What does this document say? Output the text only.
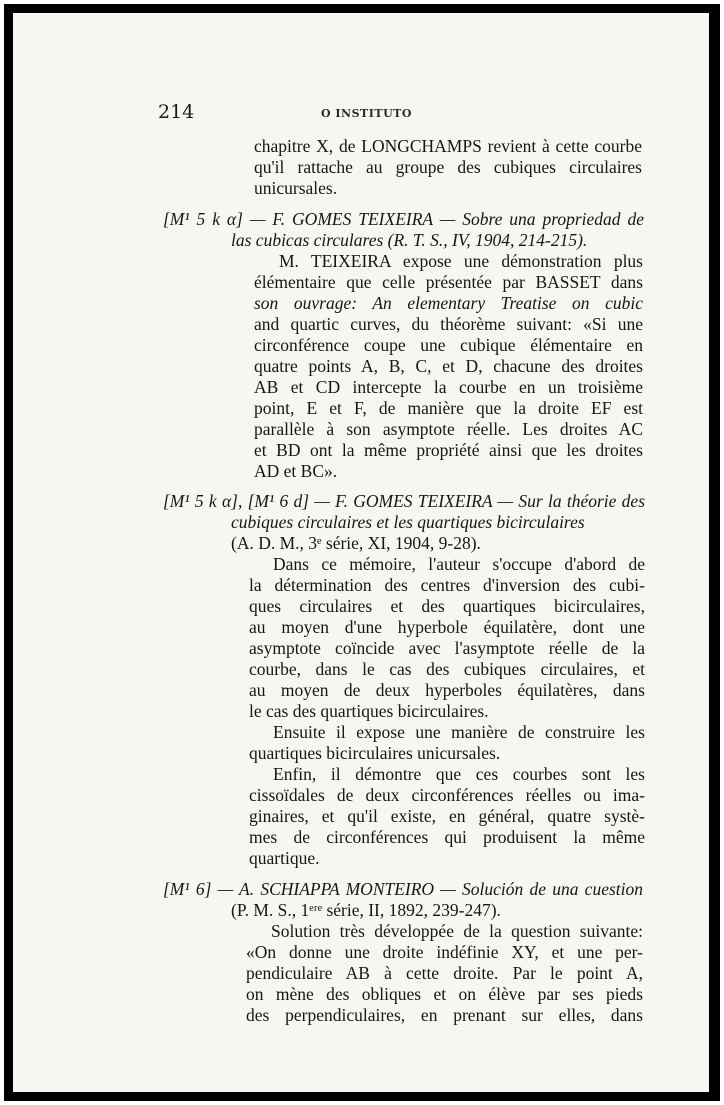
214	O INSTITUTO
chapitre X, de LONGCHAMPS revient à cette courbe
qu'il rattache au groupe des cubiques circulaires
unicursales.
[M¹ 5 k α] — F. GOMES TEIXEIRA — Sobre una propriedad de
las cubicas circulares (R. T. S., IV, 1904, 214-215).
M. TEIXEIRA expose une démonstration plus
élémentaire que celle présentée par BASSET dans
son ouvrage: An elementary Treatise on cubic
and quartic curves, du théorème suivant: «Si une
circonférence coupe une cubique élémentaire en
quatre points A, B, C, et D, chacune des droites
AB et CD intercepte la courbe en un troisième
point, E et F, de manière que la droite EF est
parallèle à son asymptote réelle. Les droites AC
et BD ont la même propriété ainsi que les droites
AD et BC».
[M¹ 5 k α], [M¹ 6 d] — F. GOMES TEIXEIRA — Sur la théorie des
cubiques circulaires et les quartiques bicirculaires
(A. D. M., 3ᵉ série, XI, 1904, 9-28).
Dans ce mémoire, l'auteur s'occupe d'abord de
la détermination des centres d'inversion des cubi-
ques circulaires et des quartiques bicirculaires,
au moyen d'une hyperbole équilatère, dont une
asymptote coïncide avec l'asymptote réelle de la
courbe, dans le cas des cubiques circulaires, et
au moyen de deux hyperboles équilatères, dans
le cas des quartiques bicirculaires.
Ensuite il expose une manière de construire les
quartiques bicirculaires unicursales.
Enfin, il démontre que ces courbes sont les
cissoïdales de deux circonférences réelles ou ima-
ginaires, et qu'il existe, en général, quatre systè-
mes de circonférences qui produisent la même
quartique.
[M¹ 6] — A. SCHIAPPA MONTEIRO — Solución de una cuestion
(P. M. S., 1ᵉʳᵉ série, II, 1892, 239-247).
Solution très développée de la question suivante:
«On donne une droite indéfinie XY, et une per-
pendiculaire AB à cette droite. Par le point A,
on mène des obliques et on élève par ses pieds
des perpendiculaires, en prenant sur elles, dans
